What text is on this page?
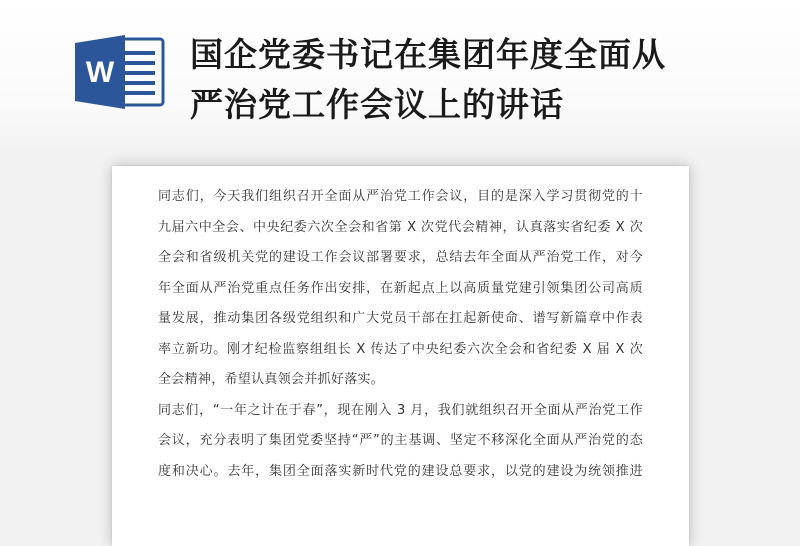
W 国企党委书记在集团年度全面从
严治党工作会议上的讲话
同志们，今天我们组织召开全面从严治党工作会议，目的是深入学习贯彻党的十
九届六中全会、中央纪委六次全会和省第 X 次党代会精神，认真落实省纪委 X 次
全会和省级机关党的建设工作会议部署要求，总结去年全面从严治党工作，对今
年全面从严治党重点任务作出安排，在新起点上以高质量党建引领集团公司高质
量发展，推动集团各级党组织和广大党员干部在扛起新使命、谱写新篇章中作表
率立新功。刚才纪检监察组组长 X 传达了中央纪委六次全会和省纪委 X 届 X 次
全会精神，希望认真领会并抓好落实。
同志们，“一年之计在于春”，现在刚入 3 月，我们就组织召开全面从严治党工作
会议，充分表明了集团党委坚持“严”的主基调、坚定不移深化全面从严治党的态
度和决心。去年，集团全面落实新时代党的建设总要求，以党的建设为统领推进
